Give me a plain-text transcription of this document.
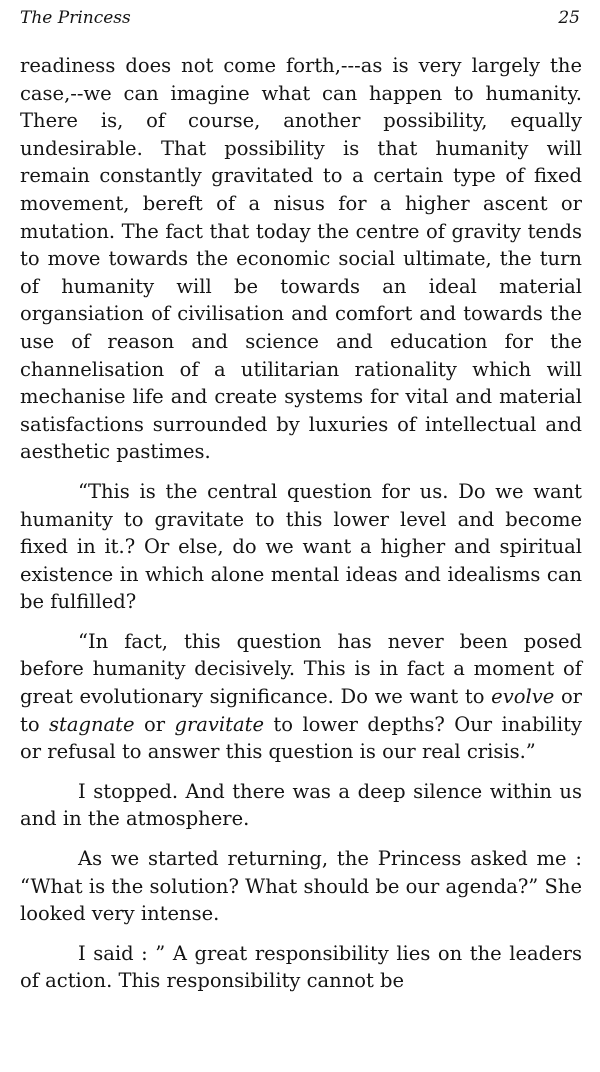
The Princess	25

readiness does not come forth,---as is very largely the case,--we can imagine what can happen to humanity. There is, of course, another possibility, equally undesirable. That possibility is that humanity will remain constantly gravitated to a certain type of fixed movement, bereft of a nisus for a higher ascent or mutation. The fact that today the centre of gravity tends to move towards the economic social ultimate, the turn of humanity will be towards an ideal material organsiation of civilisation and comfort and towards the use of reason and science and education for the channelisation of a utilitarian rationality which will mechanise life and create systems for vital and material satisfactions surrounded by luxuries of intellectual and aesthetic pastimes.

“This is the central question for us. Do we want humanity to gravitate to this lower level and become fixed in it.? Or else, do we want a higher and spiritual existence in which alone mental ideas and idealisms can be fulfilled?

“In fact, this question has never been posed before humanity decisively. This is in fact a moment of great evolutionary significance. Do we want to evolve or to stagnate or gravitate to lower depths? Our inability or refusal to answer this question is our real crisis.”

I stopped. And there was a deep silence within us and in the atmosphere.

As we started returning, the Princess asked me : “What is the solution? What should be our agenda?” She looked very intense.

I said : ” A great responsibility lies on the leaders of action. This responsibility cannot be
